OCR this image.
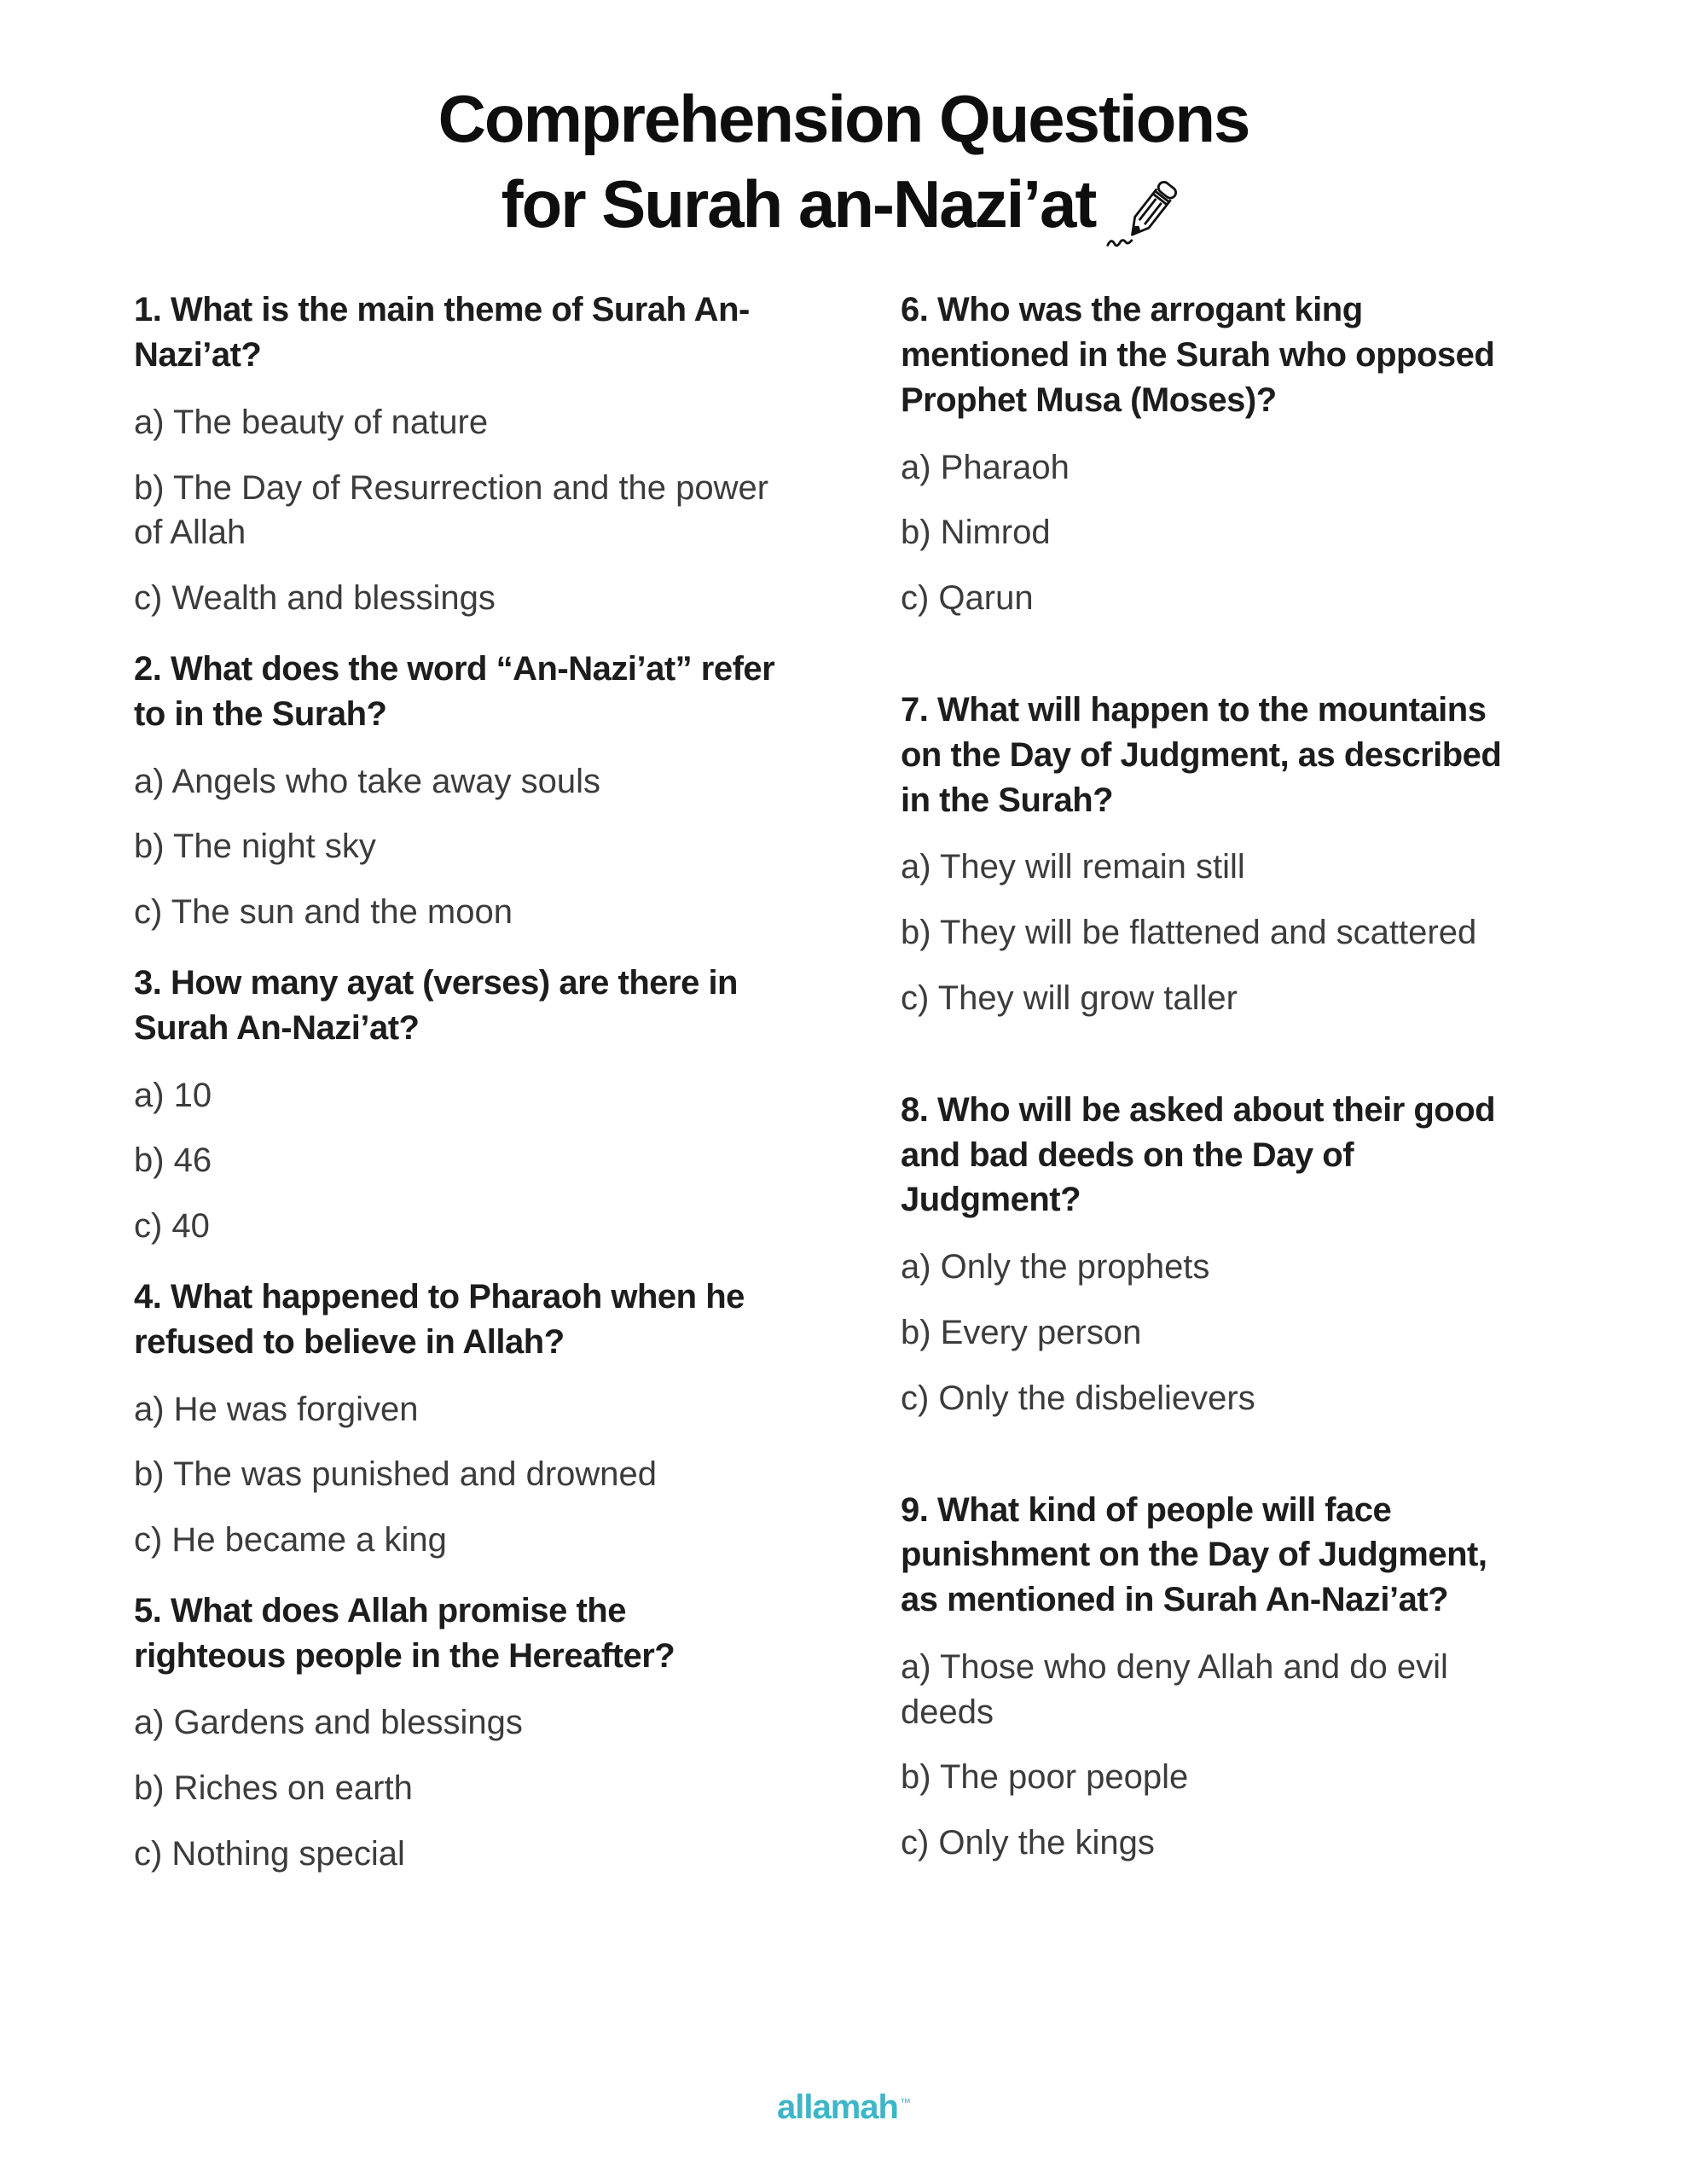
Comprehension Questions
for Surah an-Nazi’at

1. What is the main theme of Surah An-Nazi’at?

a) The beauty of nature

b) The Day of Resurrection and the power of Allah

c) Wealth and blessings

2. What does the word “An-Nazi’at” refer to in the Surah?

a) Angels who take away souls

b) The night sky

c) The sun and the moon

3. How many ayat (verses) are there in Surah An-Nazi’at?

a) 10

b) 46

c) 40

4. What happened to Pharaoh when he refused to believe in Allah?

a) He was forgiven

b) The was punished and drowned

c) He became a king

5. What does Allah promise the righteous people in the Hereafter?

a) Gardens and blessings

b) Riches on earth

c) Nothing special

6. Who was the arrogant king mentioned in the Surah who opposed Prophet Musa (Moses)?

a) Pharaoh

b) Nimrod

c) Qarun

7. What will happen to the mountains on the Day of Judgment, as described in the Surah?

a) They will remain still

b) They will be flattened and scattered

c) They will grow taller

8. Who will be asked about their good and bad deeds on the Day of Judgment?

a) Only the prophets

b) Every person

c) Only the disbelievers

9. What kind of people will face punishment on the Day of Judgment, as mentioned in Surah An-Nazi’at?

a) Those who deny Allah and do evil deeds

b) The poor people

c) Only the kings

allamah ™
